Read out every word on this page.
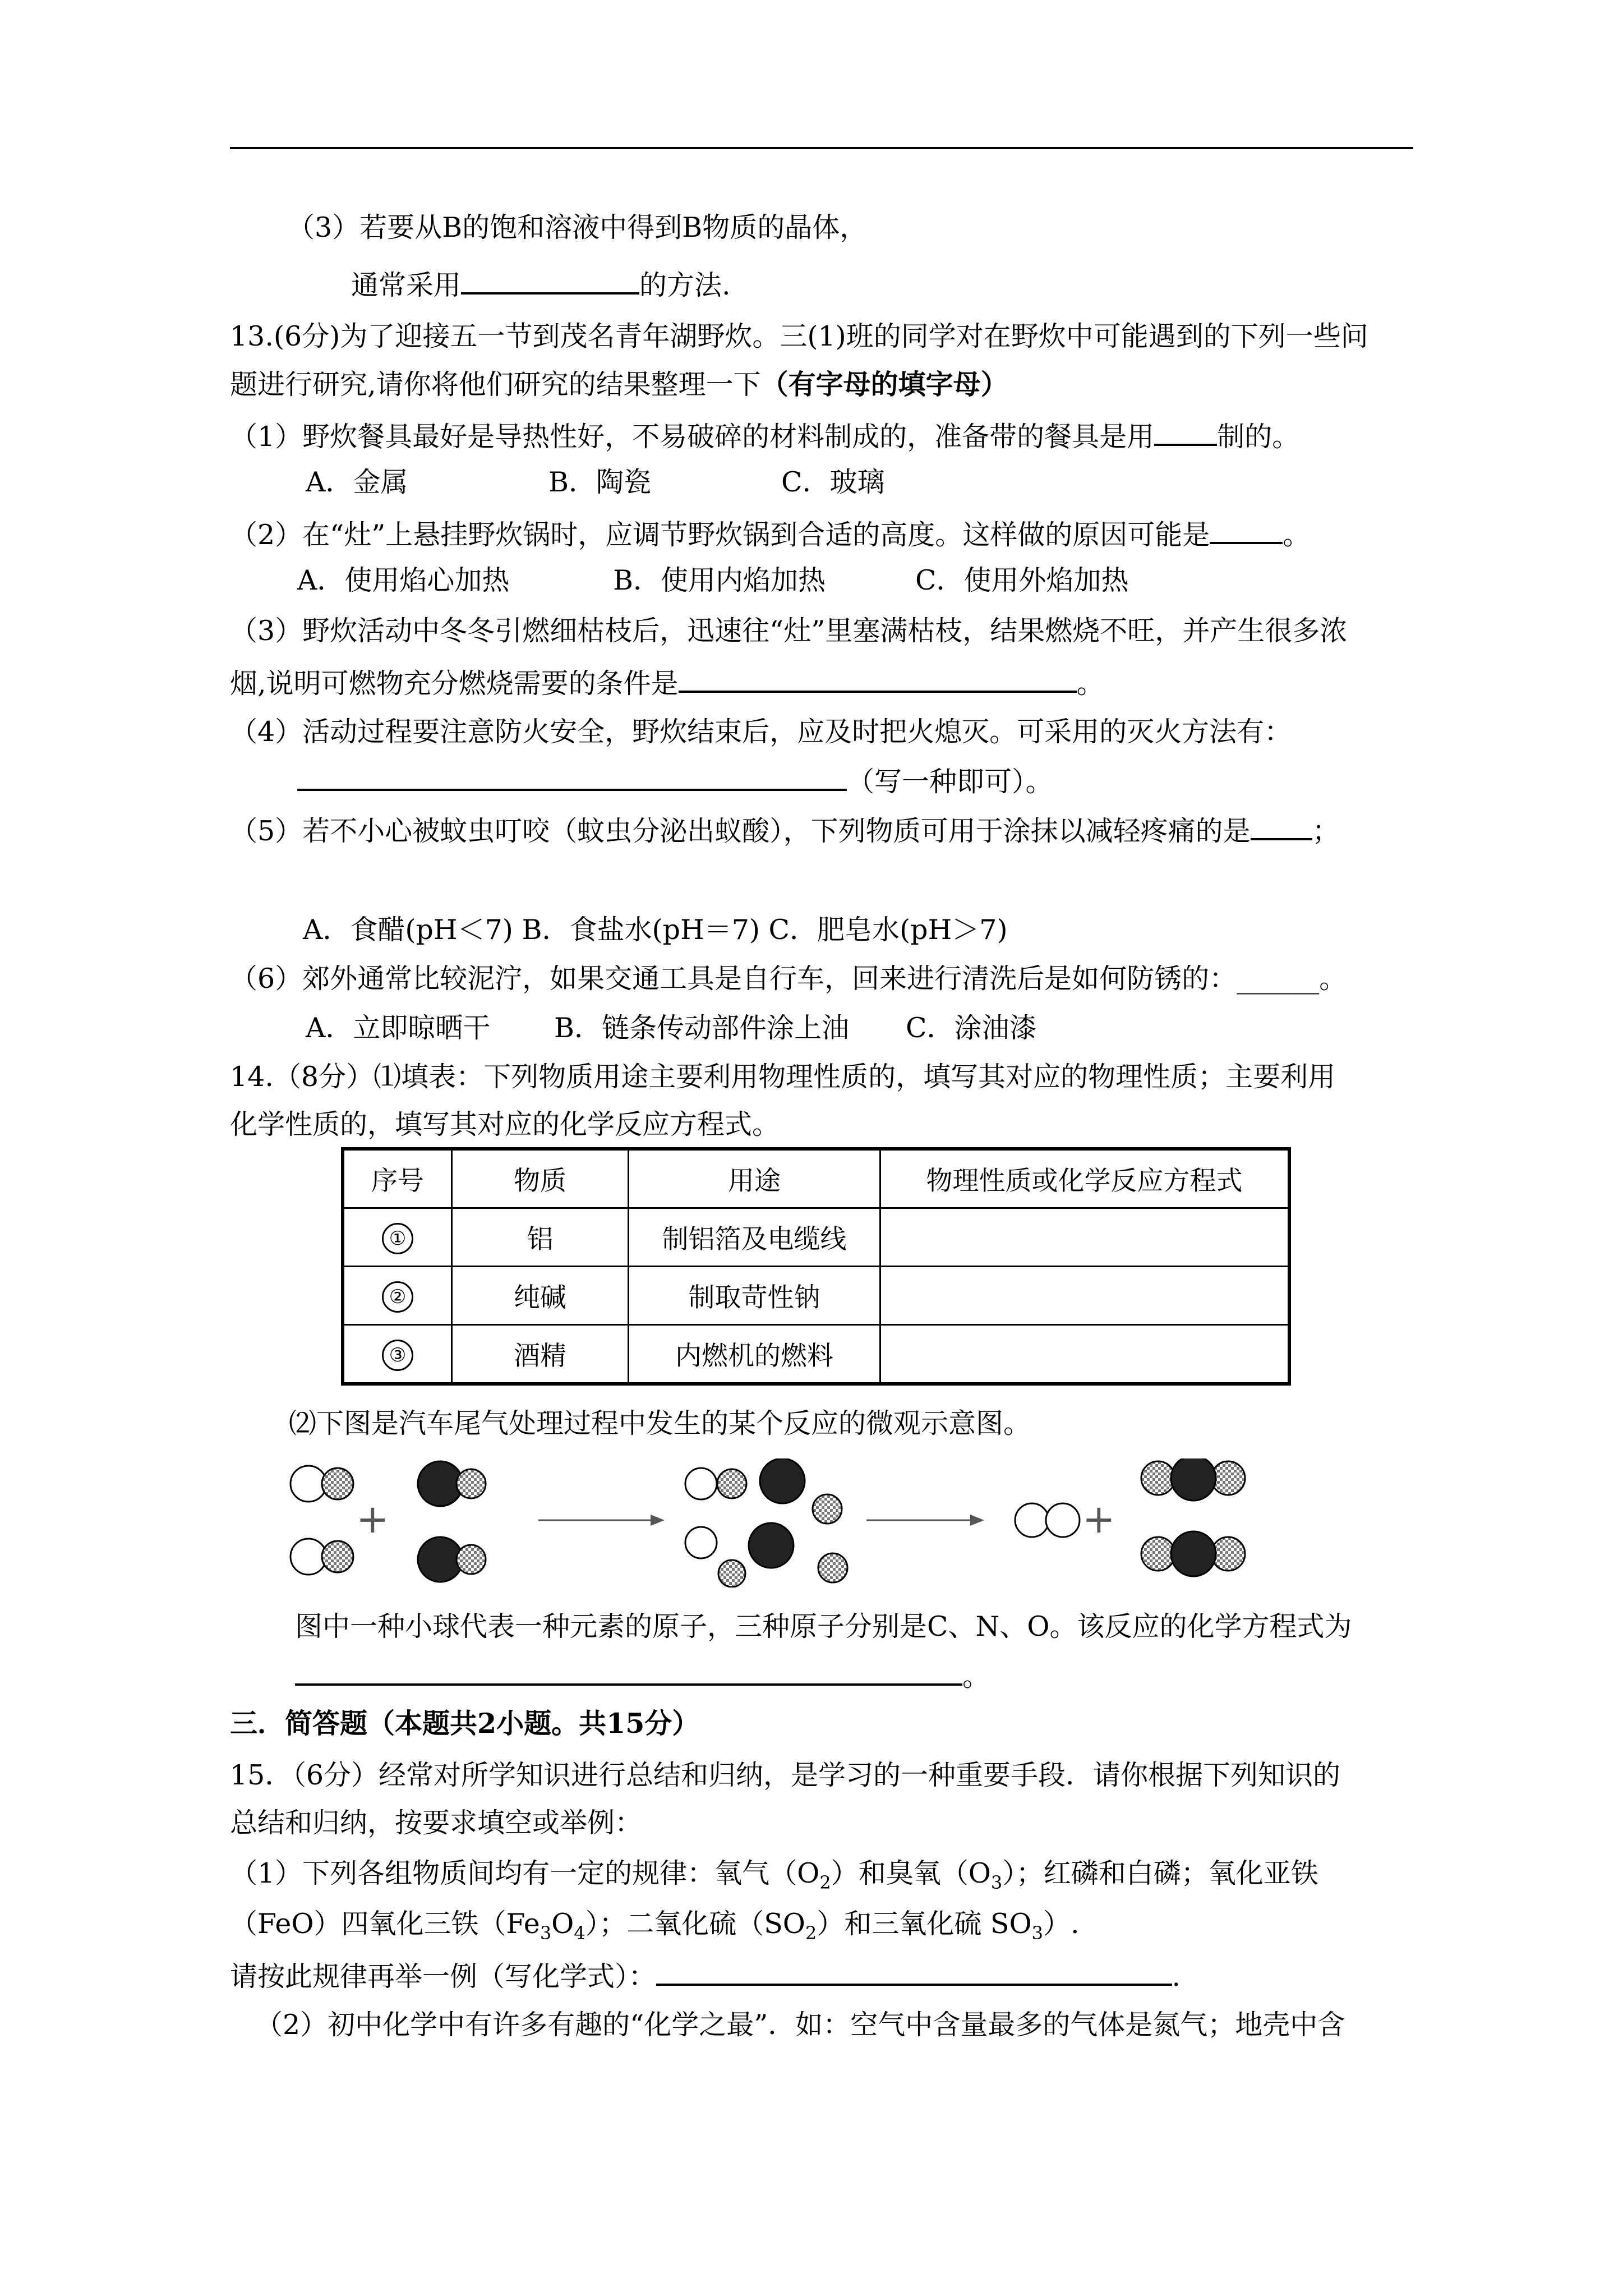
（3）若要从B的饱和溶液中得到B物质的晶体，
通常采用	的方法.
13.(6分)为了迎接五一节到茂名青年湖野炊。三(1)班的同学对在野炊中可能遇到的下列一些问
题进行研究,请你将他们研究的结果整理一下（有字母的填字母）
（1）野炊餐具最好是导热性好，不易破碎的材料制成的，准备带的餐具是用 制的。
A．金属	B．陶瓷	C．玻璃
（2）在“灶”上悬挂野炊锅时，应调节野炊锅到合适的高度。这样做的原因可能是	。
A．使用焰心加热	B．使用内焰加热	C．使用外焰加热
（3）野炊活动中冬冬引燃细枯枝后，迅速往“灶”里塞满枯枝，结果燃烧不旺，并产生很多浓
烟,说明可燃物充分燃烧需要的条件是	。
（4）活动过程要注意防火安全，野炊结束后，应及时把火熄灭。可采用的灭火方法有：
（写一种即可）。
（5）若不小心被蚊虫叮咬（蚊虫分泌出蚁酸），下列物质可用于涂抹以减轻疼痛的是 ；
A．食醋(pH＜7) B．食盐水(pH＝7) C．肥皂水(pH＞7)
（6）郊外通常比较泥泞，如果交通工具是自行车，回来进行清洗后是如何防锈的：______。
A．立即晾晒干 B．链条传动部件涂上油 C．涂油漆
14.（8分）⑴填表：下列物质用途主要利用物理性质的，填写其对应的物理性质；主要利用
化学性质的，填写其对应的化学反应方程式。
序号	物质	用途	物理性质或化学反应方程式
①	铝	制铝箔及电缆线	
②	纯碱	制取苛性钠	
③	酒精	内燃机的燃料	
⑵下图是汽车尾气处理过程中发生的某个反应的微观示意图。
+	+
图中一种小球代表一种元素的原子，三种原子分别是C、N、O。该反应的化学方程式为
。
三．简答题（本题共2小题。共15分）
15．（6分）经常对所学知识进行总结和归纳，是学习的一种重要手段．请你根据下列知识的
总结和归纳，按要求填空或举例：
（1）下列各组物质间均有一定的规律：氧气$(O_2)$和臭氧$(O_3)$；红磷和白磷；氧化亚铁
（FeO）四氧化三铁$(Fe_3O_4)$；二氧化硫$(SO_2)$和三氧化硫 $SO_3$）.
请按此规律再举一例（写化学式）：	.
（2）初中化学中有许多有趣的“化学之最”．如：空气中含量最多的气体是氮气；地壳中含
